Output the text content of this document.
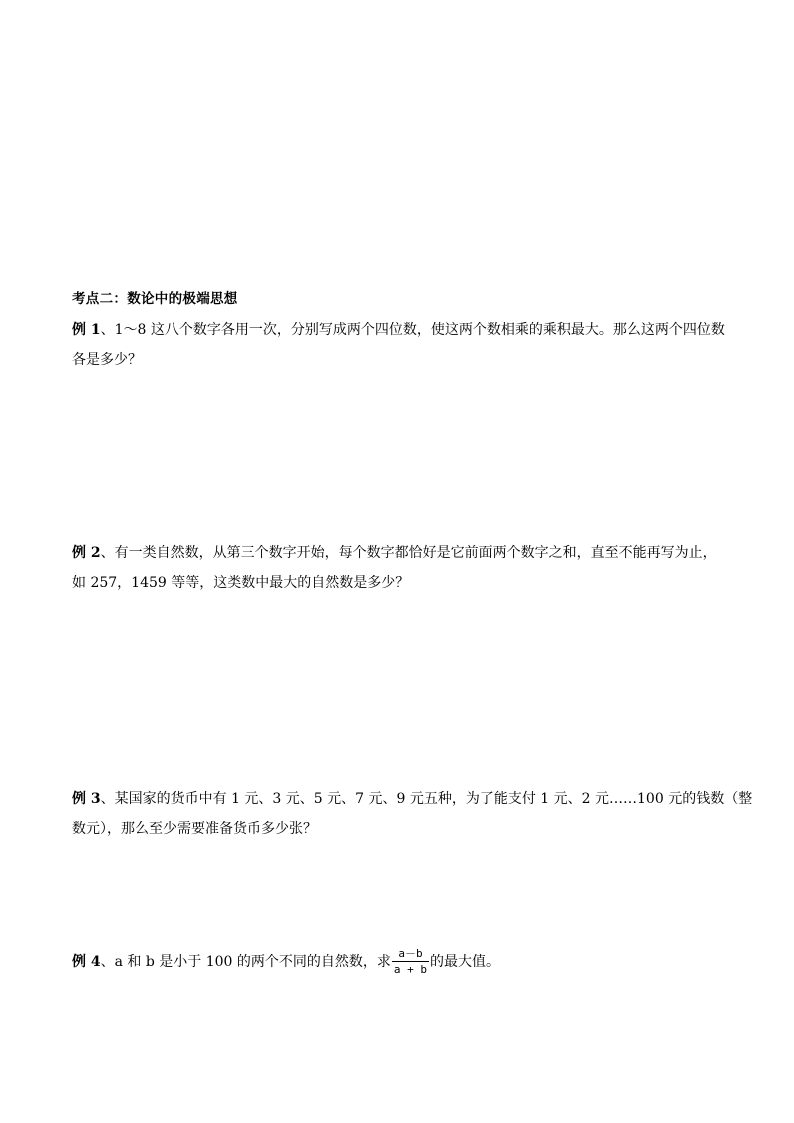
考点二：数论中的极端思想
例 1、1～8 这八个数字各用一次，分别写成两个四位数，使这两个数相乘的乘积最大。那么这两个四位数
各是多少？
例 2、有一类自然数，从第三个数字开始，每个数字都恰好是它前面两个数字之和，直至不能再写为止，
如 257，1459 等等，这类数中最大的自然数是多少？
例 3、某国家的货币中有 1 元、3 元、5 元、7 元、9 元五种，为了能支付 1 元、2 元……100 元的钱数（整
数元），那么至少需要准备货币多少张？
例 4、a 和 b 是小于 100 的两个不同的自然数，求 $\frac{a-b}{a + b}$ 的最大值。
